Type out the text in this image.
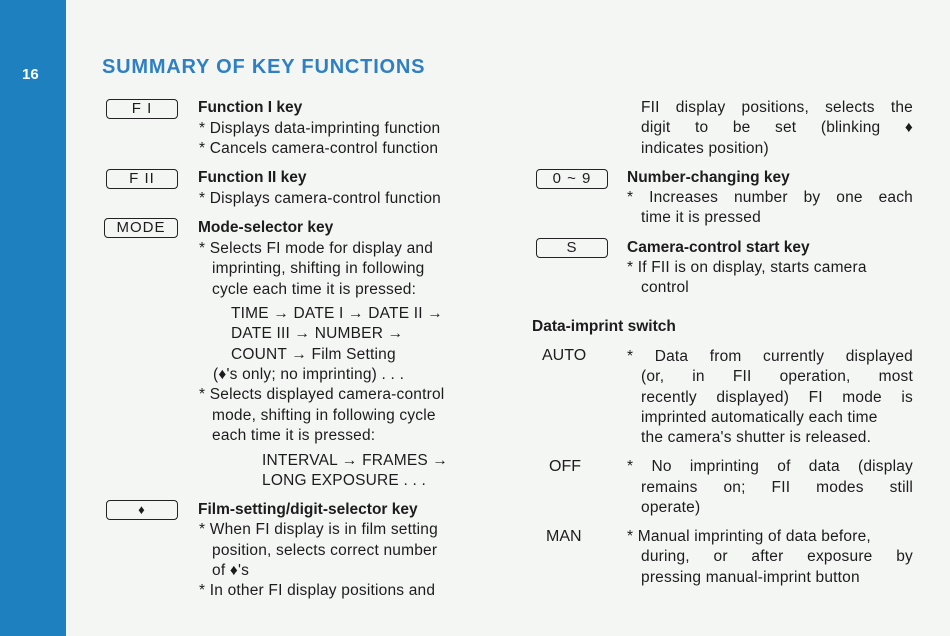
16	SUMMARY OF KEY FUNCTIONS
F I	Function I key
* Displays data-imprinting function
* Cancels camera-control function
F II	Function II key
* Displays camera-control function
MODE	Mode-selector key
* Selects FI mode for display and
imprinting, shifting in following
cycle each time it is pressed:
TIME → DATE I → DATE II →
DATE III → NUMBER →
COUNT → Film Setting
(♦'s only; no imprinting) . . .
* Selects displayed camera-control
mode, shifting in following cycle
each time it is pressed:
INTERVAL → FRAMES →
LONG EXPOSURE . . .
♦	Film-setting/digit-selector key
* When FI display is in film setting
position, selects correct number
of ♦'s
* In other FI display positions and
FII display positions, selects the
digit to be set (blinking ♦
indicates position)
0 ~ 9	Number-changing key
* Increases number by one each
time it is pressed
S	Camera-control start key
* If FII is on display, starts camera
control
Data-imprint switch
AUTO	* Data from currently displayed
(or, in FII operation, most
recently displayed) FI mode is
imprinted automatically each time
the camera's shutter is released.
OFF	* No imprinting of data (display
remains on; FII modes still
operate)
MAN	* Manual imprinting of data before,
during, or after exposure by
pressing manual-imprint button
